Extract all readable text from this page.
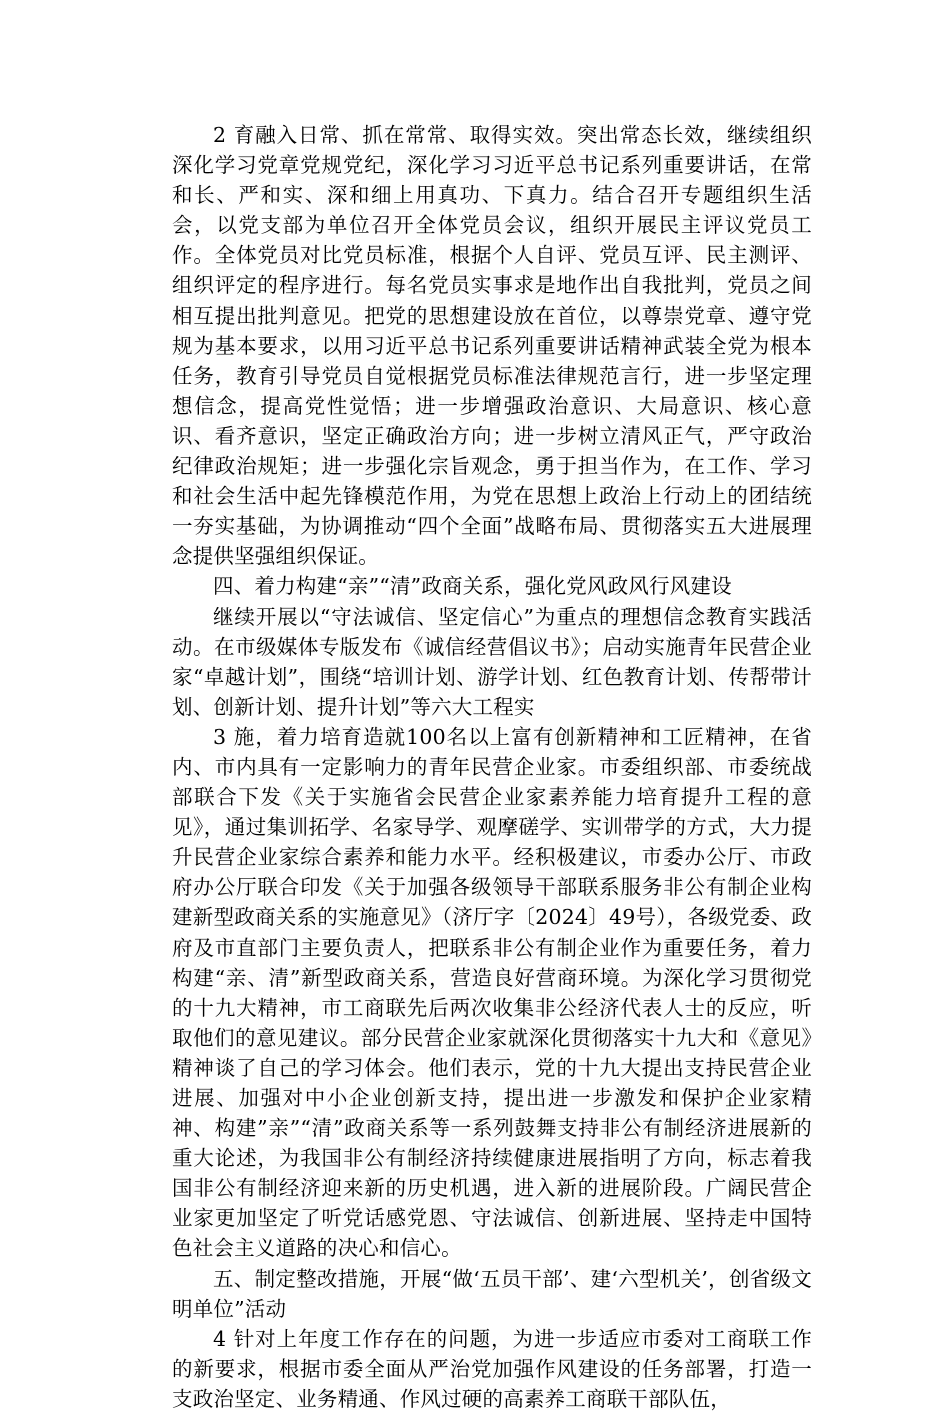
2 育融入日常、抓在常常、取得实效。突出常态长效，继续组织深化学习党章党规党纪，深化学习习近平总书记系列重要讲话，在常和长、严和实、深和细上用真功、下真力。结合召开专题组织生活会，以党支部为单位召开全体党员会议，组织开展民主评议党员工作。全体党员对比党员标准，根据个人自评、党员互评、民主测评、组织评定的程序进行。每名党员实事求是地作出自我批判，党员之间相互提出批判意见。把党的思想建设放在首位，以尊崇党章、遵守党规为基本要求，以用习近平总书记系列重要讲话精神武装全党为根本任务，教育引导党员自觉根据党员标准法律规范言行，进一步坚定理想信念，提高党性觉悟；进一步增强政治意识、大局意识、核心意识、看齐意识，坚定正确政治方向；进一步树立清风正气，严守政治纪律政治规矩；进一步强化宗旨观念，勇于担当作为，在工作、学习和社会生活中起先锋模范作用，为党在思想上政治上行动上的团结统一夯实基础，为协调推动“四个全面”战略布局、贯彻落实五大进展理念提供坚强组织保证。

四、着力构建“亲”“清”政商关系，强化党风政风行风建设

继续开展以“守法诚信、坚定信心”为重点的理想信念教育实践活动。在市级媒体专版发布《诚信经营倡议书》；启动实施青年民营企业家“卓越计划”，围绕“培训计划、游学计划、红色教育计划、传帮带计划、创新计划、提升计划”等六大工程实

3 施，着力培育造就100名以上富有创新精神和工匠精神，在省内、市内具有一定影响力的青年民营企业家。市委组织部、市委统战部联合下发《关于实施省会民营企业家素养能力培育提升工程的意见》，通过集训拓学、名家导学、观摩磋学、实训带学的方式，大力提升民营企业家综合素养和能力水平。经积极建议，市委办公厅、市政府办公厅联合印发《关于加强各级领导干部联系服务非公有制企业构建新型政商关系的实施意见》（济厅字〔2024〕49号），各级党委、政府及市直部门主要负责人，把联系非公有制企业作为重要任务，着力构建“亲、清”新型政商关系，营造良好营商环境。为深化学习贯彻党的十九大精神，市工商联先后两次收集非公经济代表人士的反应，听取他们的意见建议。部分民营企业家就深化贯彻落实十九大和《意见》精神谈了自己的学习体会。他们表示，党的十九大提出支持民营企业进展、加强对中小企业创新支持，提出进一步激发和保护企业家精神、构建”亲”“清”政商关系等一系列鼓舞支持非公有制经济进展新的重大论述，为我国非公有制经济持续健康进展指明了方向，标志着我国非公有制经济迎来新的历史机遇，进入新的进展阶段。广阔民营企业家更加坚定了听党话感党恩、守法诚信、创新进展、坚持走中国特色社会主义道路的决心和信心。

五、制定整改措施，开展“做‘五员干部’、建‘六型机关’，创省级文明单位”活动

4 针对上年度工作存在的问题，为进一步适应市委对工商联工作的新要求，根据市委全面从严治党加强作风建设的任务部署，打造一支政治坚定、业务精通、作风过硬的高素养工商联干部队伍，
